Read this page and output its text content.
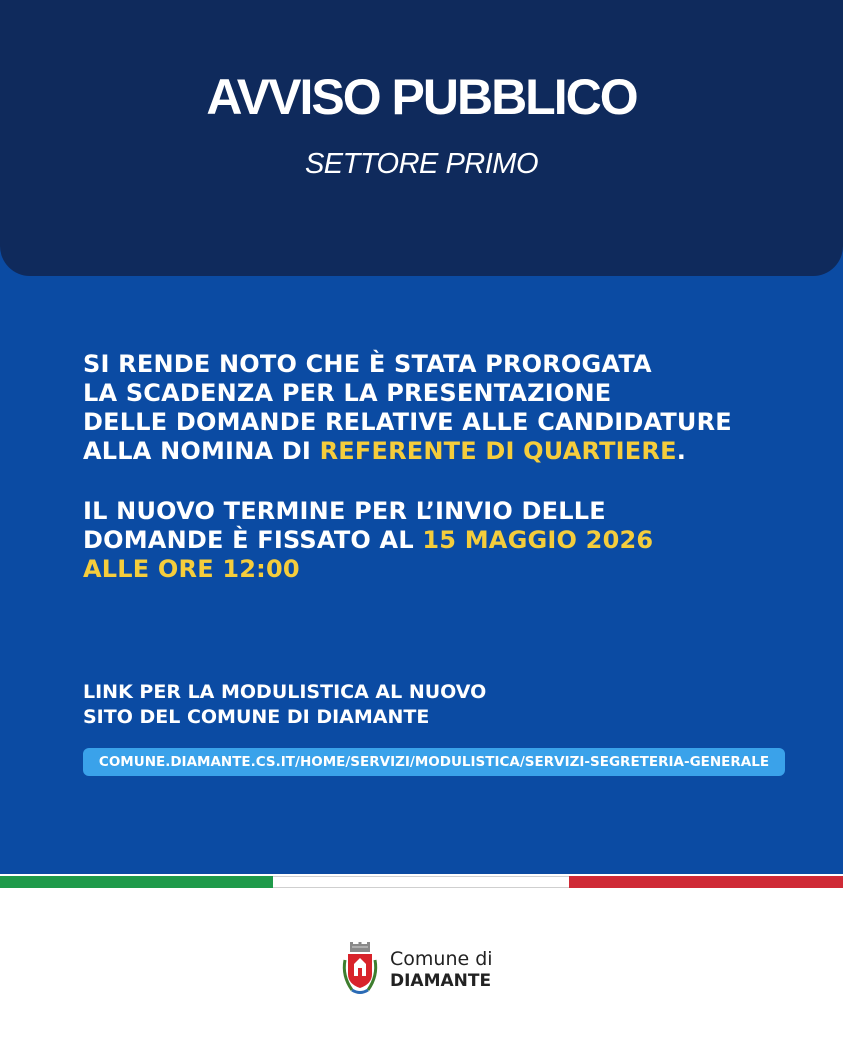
AVVISO PUBBLICO

SETTORE PRIMO

SI RENDE NOTO CHE È STATA PROROGATA
LA SCADENZA PER LA PRESENTAZIONE
DELLE DOMANDE RELATIVE ALLE CANDIDATURE
ALLA NOMINA DI REFERENTE DI QUARTIERE.

IL NUOVO TERMINE PER L’INVIO DELLE
DOMANDE È FISSATO AL 15 MAGGIO 2026
ALLE ORE 12:00

LINK PER LA MODULISTICA AL NUOVO
SITO DEL COMUNE DI DIAMANTE

COMUNE.DIAMANTE.CS.IT/HOME/SERVIZI/MODULISTICA/SERVIZI-SEGRETERIA-GENERALE
Comune di
DIAMANTE
